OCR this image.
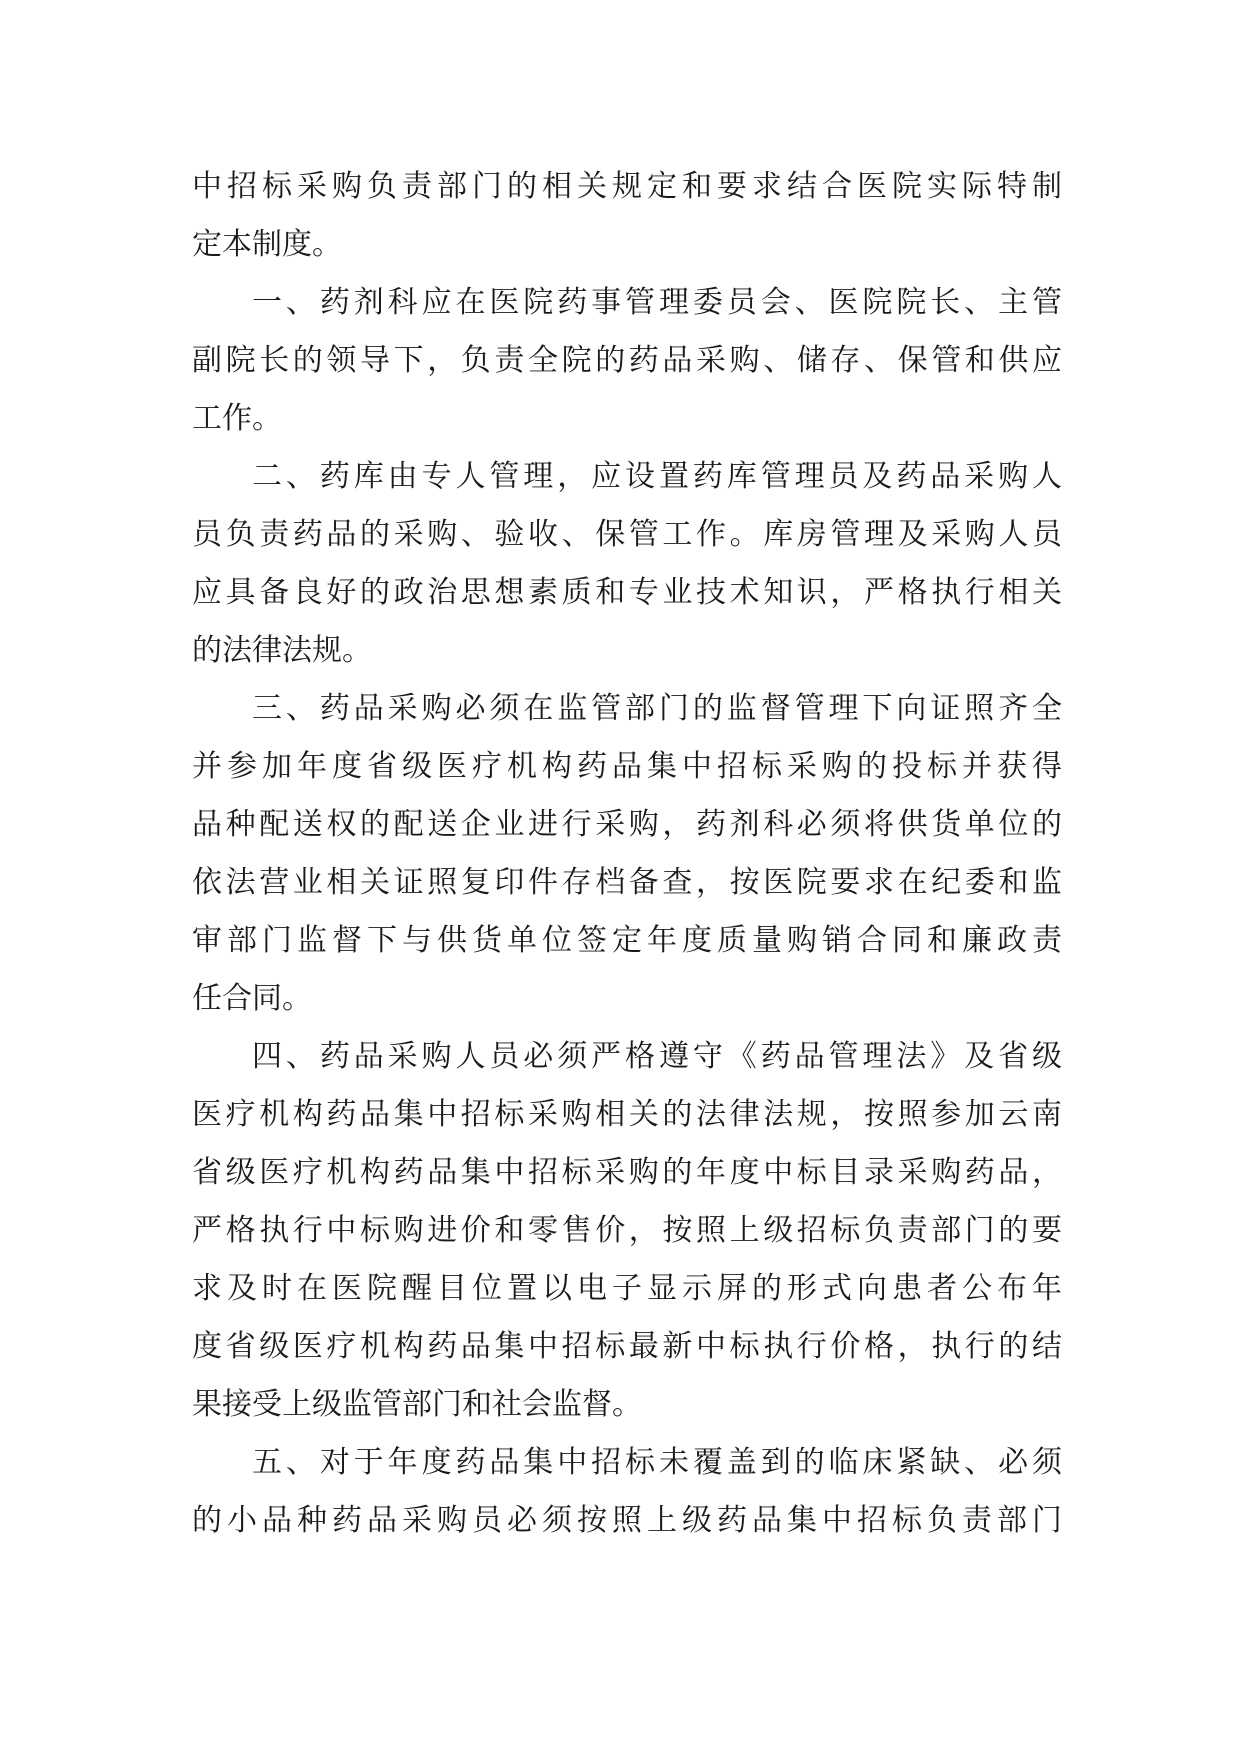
中招标采购负责部门的相关规定和要求结合医院实际特制
定本制度。
一、药剂科应在医院药事管理委员会、医院院长、主管
副院长的领导下，负责全院的药品采购、储存、保管和供应
工作。
二、药库由专人管理，应设置药库管理员及药品采购人
员负责药品的采购、验收、保管工作。库房管理及采购人员
应具备良好的政治思想素质和专业技术知识，严格执行相关
的法律法规。
三、药品采购必须在监管部门的监督管理下向证照齐全
并参加年度省级医疗机构药品集中招标采购的投标并获得
品种配送权的配送企业进行采购，药剂科必须将供货单位的
依法营业相关证照复印件存档备查，按医院要求在纪委和监
审部门监督下与供货单位签定年度质量购销合同和廉政责
任合同。
四、药品采购人员必须严格遵守《药品管理法》及省级
医疗机构药品集中招标采购相关的法律法规，按照参加云南
省级医疗机构药品集中招标采购的年度中标目录采购药品，
严格执行中标购进价和零售价，按照上级招标负责部门的要
求及时在医院醒目位置以电子显示屏的形式向患者公布年
度省级医疗机构药品集中招标最新中标执行价格，执行的结
果接受上级监管部门和社会监督。
五、对于年度药品集中招标未覆盖到的临床紧缺、必须
的小品种药品采购员必须按照上级药品集中招标负责部门
